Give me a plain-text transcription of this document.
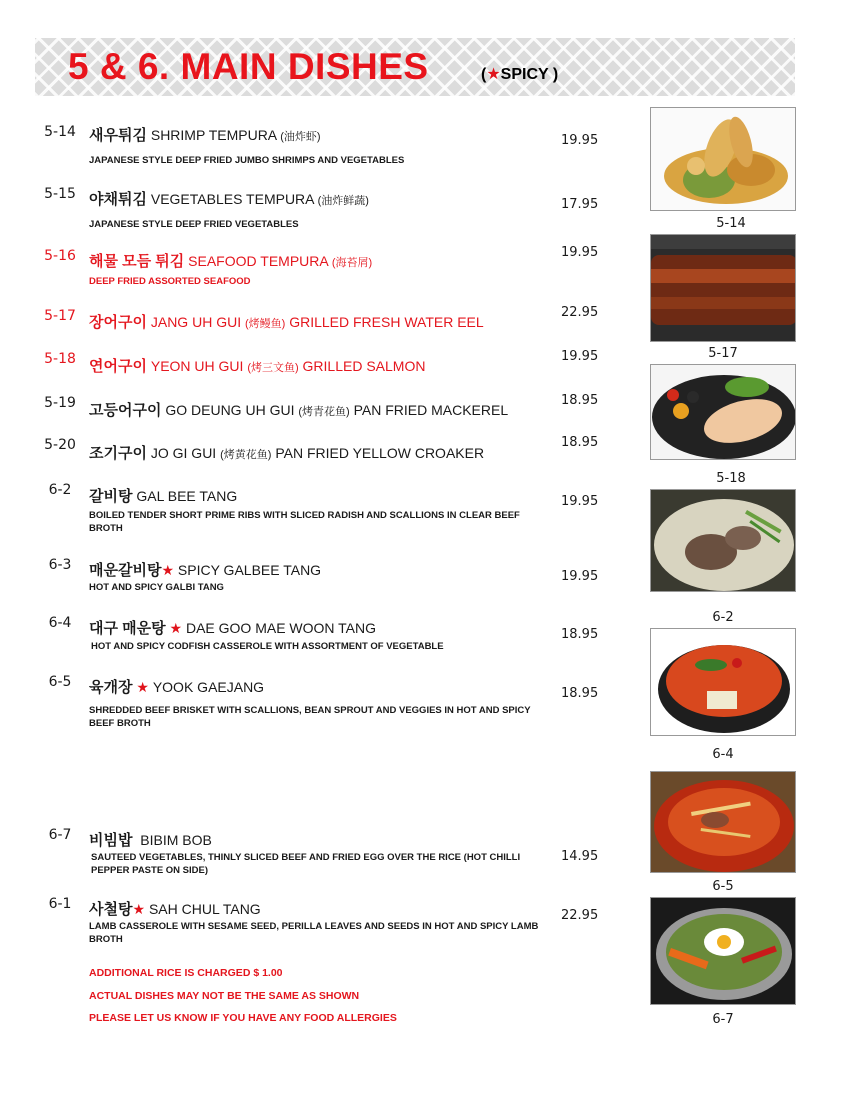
5 & 6. MAIN DISHES	(★SPICY )
5-14 새우튀김 SHRIMP TEMPURA (油炸虾)
JAPANESE STYLE DEEP FRIED JUMBO SHRIMPS AND VEGETABLES
19.95
5-15 야채튀김 VEGETABLES TEMPURA (油炸鲜蔬)
JAPANESE STYLE DEEP FRIED VEGETABLES
17.95
5-16 해물 모듬 튀김 SEAFOOD TEMPURA (海苔屑)
DEEP FRIED ASSORTED SEAFOOD
19.95
5-17 장어구이 JANG UH GUI (烤鳗鱼) GRILLED FRESH WATER EEL
22.95
5-18 연어구이 YEON UH GUI (烤三文鱼) GRILLED SALMON
19.95
5-19 고등어구이 GO DEUNG UH GUI (烤青花鱼) PAN FRIED MACKEREL
18.95
5-20 조기구이 JO GI GUI (烤黄花鱼) PAN FRIED YELLOW CROAKER
18.95
6-2	갈비탕 GAL BEE TANG
BOILED TENDER SHORT PRIME RIBS WITH SLICED RADISH AND SCALLIONS IN CLEAR BEEF BROTH
19.95
6-3	매운갈비탕★ SPICY GALBEE TANG
HOT AND SPICY GALBI TANG
19.95
6-4	대구 매운탕 ★ DAE GOO MAE WOON TANG
HOT AND SPICY CODFISH CASSEROLE WITH ASSORTMENT OF VEGETABLE
18.95
6-5	육개장 ★ YOOK GAEJANG
SHREDDED BEEF BRISKET WITH SCALLIONS, BEAN SPROUT AND VEGGIES IN HOT AND SPICY BEEF BROTH
18.95
6-7	비빔밥 BIBIM BOB
SAUTEED VEGETABLES, THINLY SLICED BEEF AND FRIED EGG OVER THE RICE (HOT CHILLI PEPPER PASTE ON SIDE)
14.95
6-1	사철탕★ SAH CHUL TANG
LAMB CASSEROLE WITH SESAME SEED, PERILLA LEAVES AND SEEDS IN HOT AND SPICY LAMB BROTH
22.95
ADDITIONAL RICE IS CHARGED $ 1.00
ACTUAL DISHES MAY NOT BE THE SAME AS SHOWN
PLEASE LET US KNOW IF YOU HAVE ANY FOOD ALLERGIES
5-14
5-17
5-18
6-2
6-4
6-5
6-7
